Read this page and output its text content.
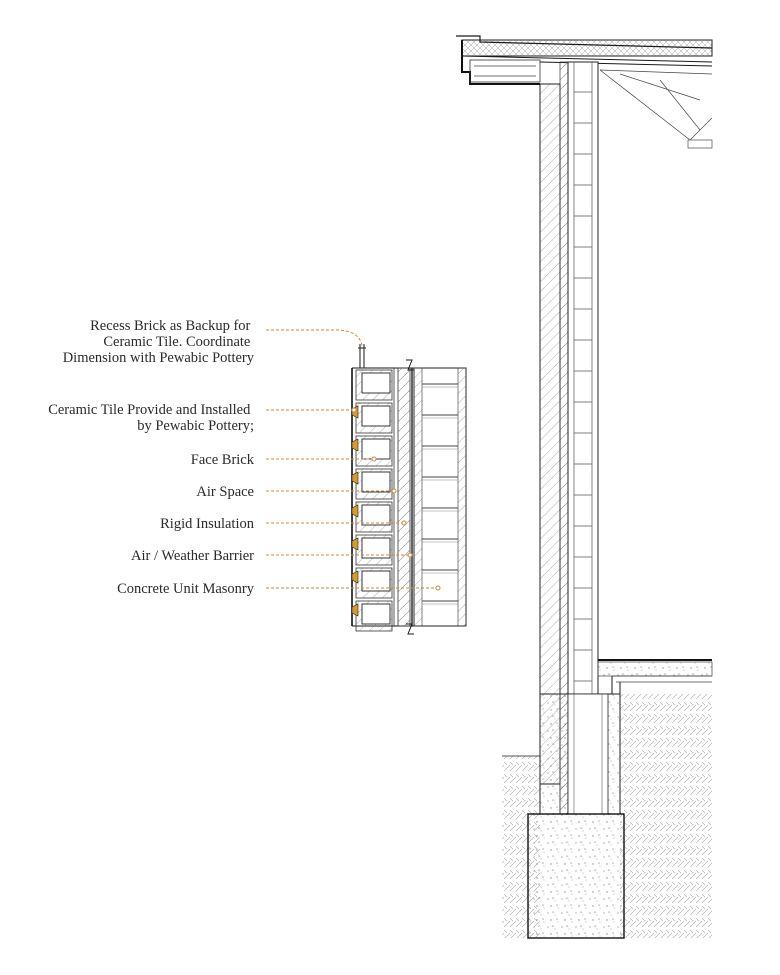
Recess Brick as Backup for Ceramic Tile. Coordinate Dimension with Pewabic Pottery
Ceramic Tile Provide and Installed by Pewabic Pottery;
Face Brick
Air Space
Rigid Insulation
Air / Weather Barrier
Concrete Unit Masonry
